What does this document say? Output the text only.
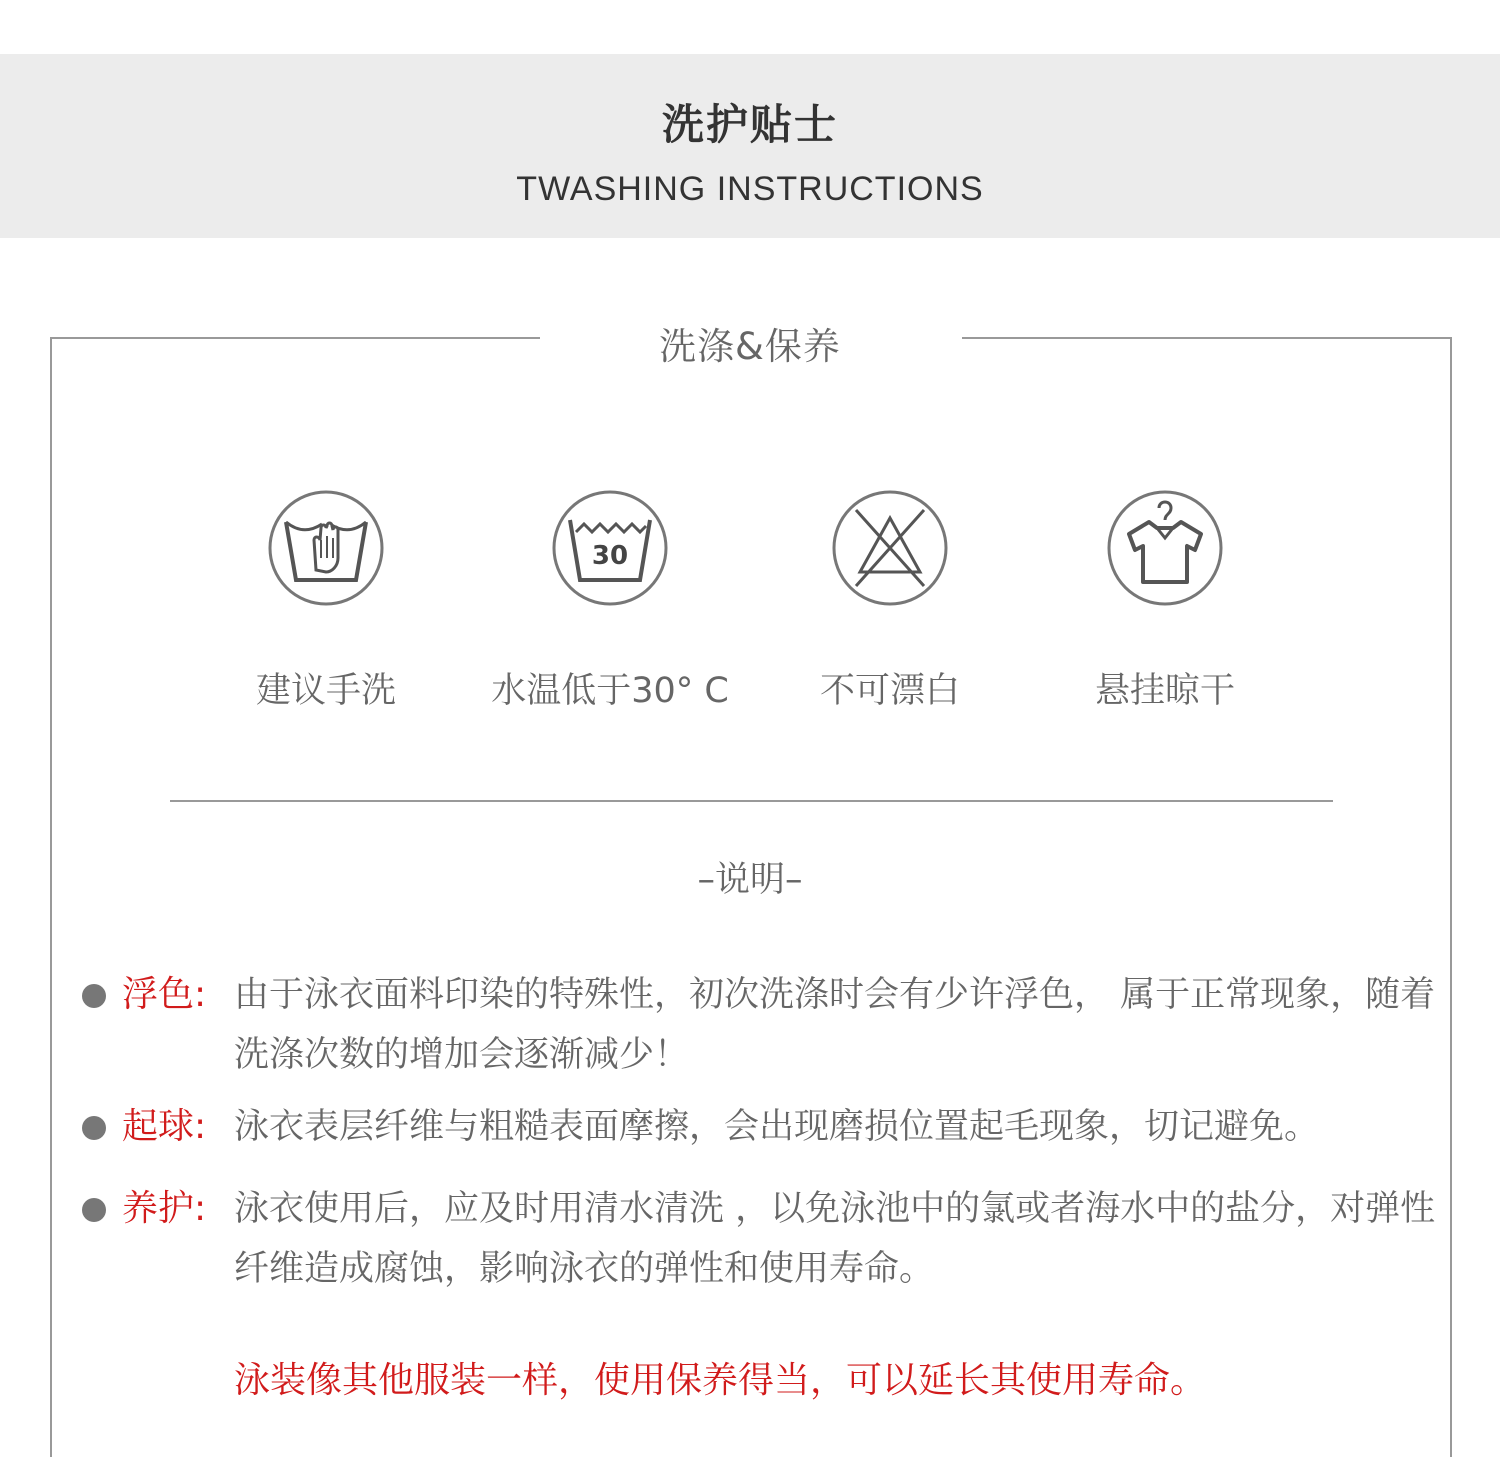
洗护贴士
TWASHING INSTRUCTIONS
洗涤&保养
建议手洗
30
水温低于30° C	不可漂白	悬挂晾干
–说明–
浮色: 由于泳衣面料印染的特殊性，初次洗涤时会有少许浮色， 属于正常现象，随着洗涤次数的增加会逐渐减少！
起球: 泳衣表层纤维与粗糙表面摩擦，会出现磨损位置起毛现象，切记避免。
养护: 泳衣使用后，应及时用清水清洗 ，以免泳池中的氯或者海水中的盐分，对弹性纤维造成腐蚀，影响泳衣的弹性和使用寿命。
泳装像其他服装一样，使用保养得当，可以延长其使用寿命。
